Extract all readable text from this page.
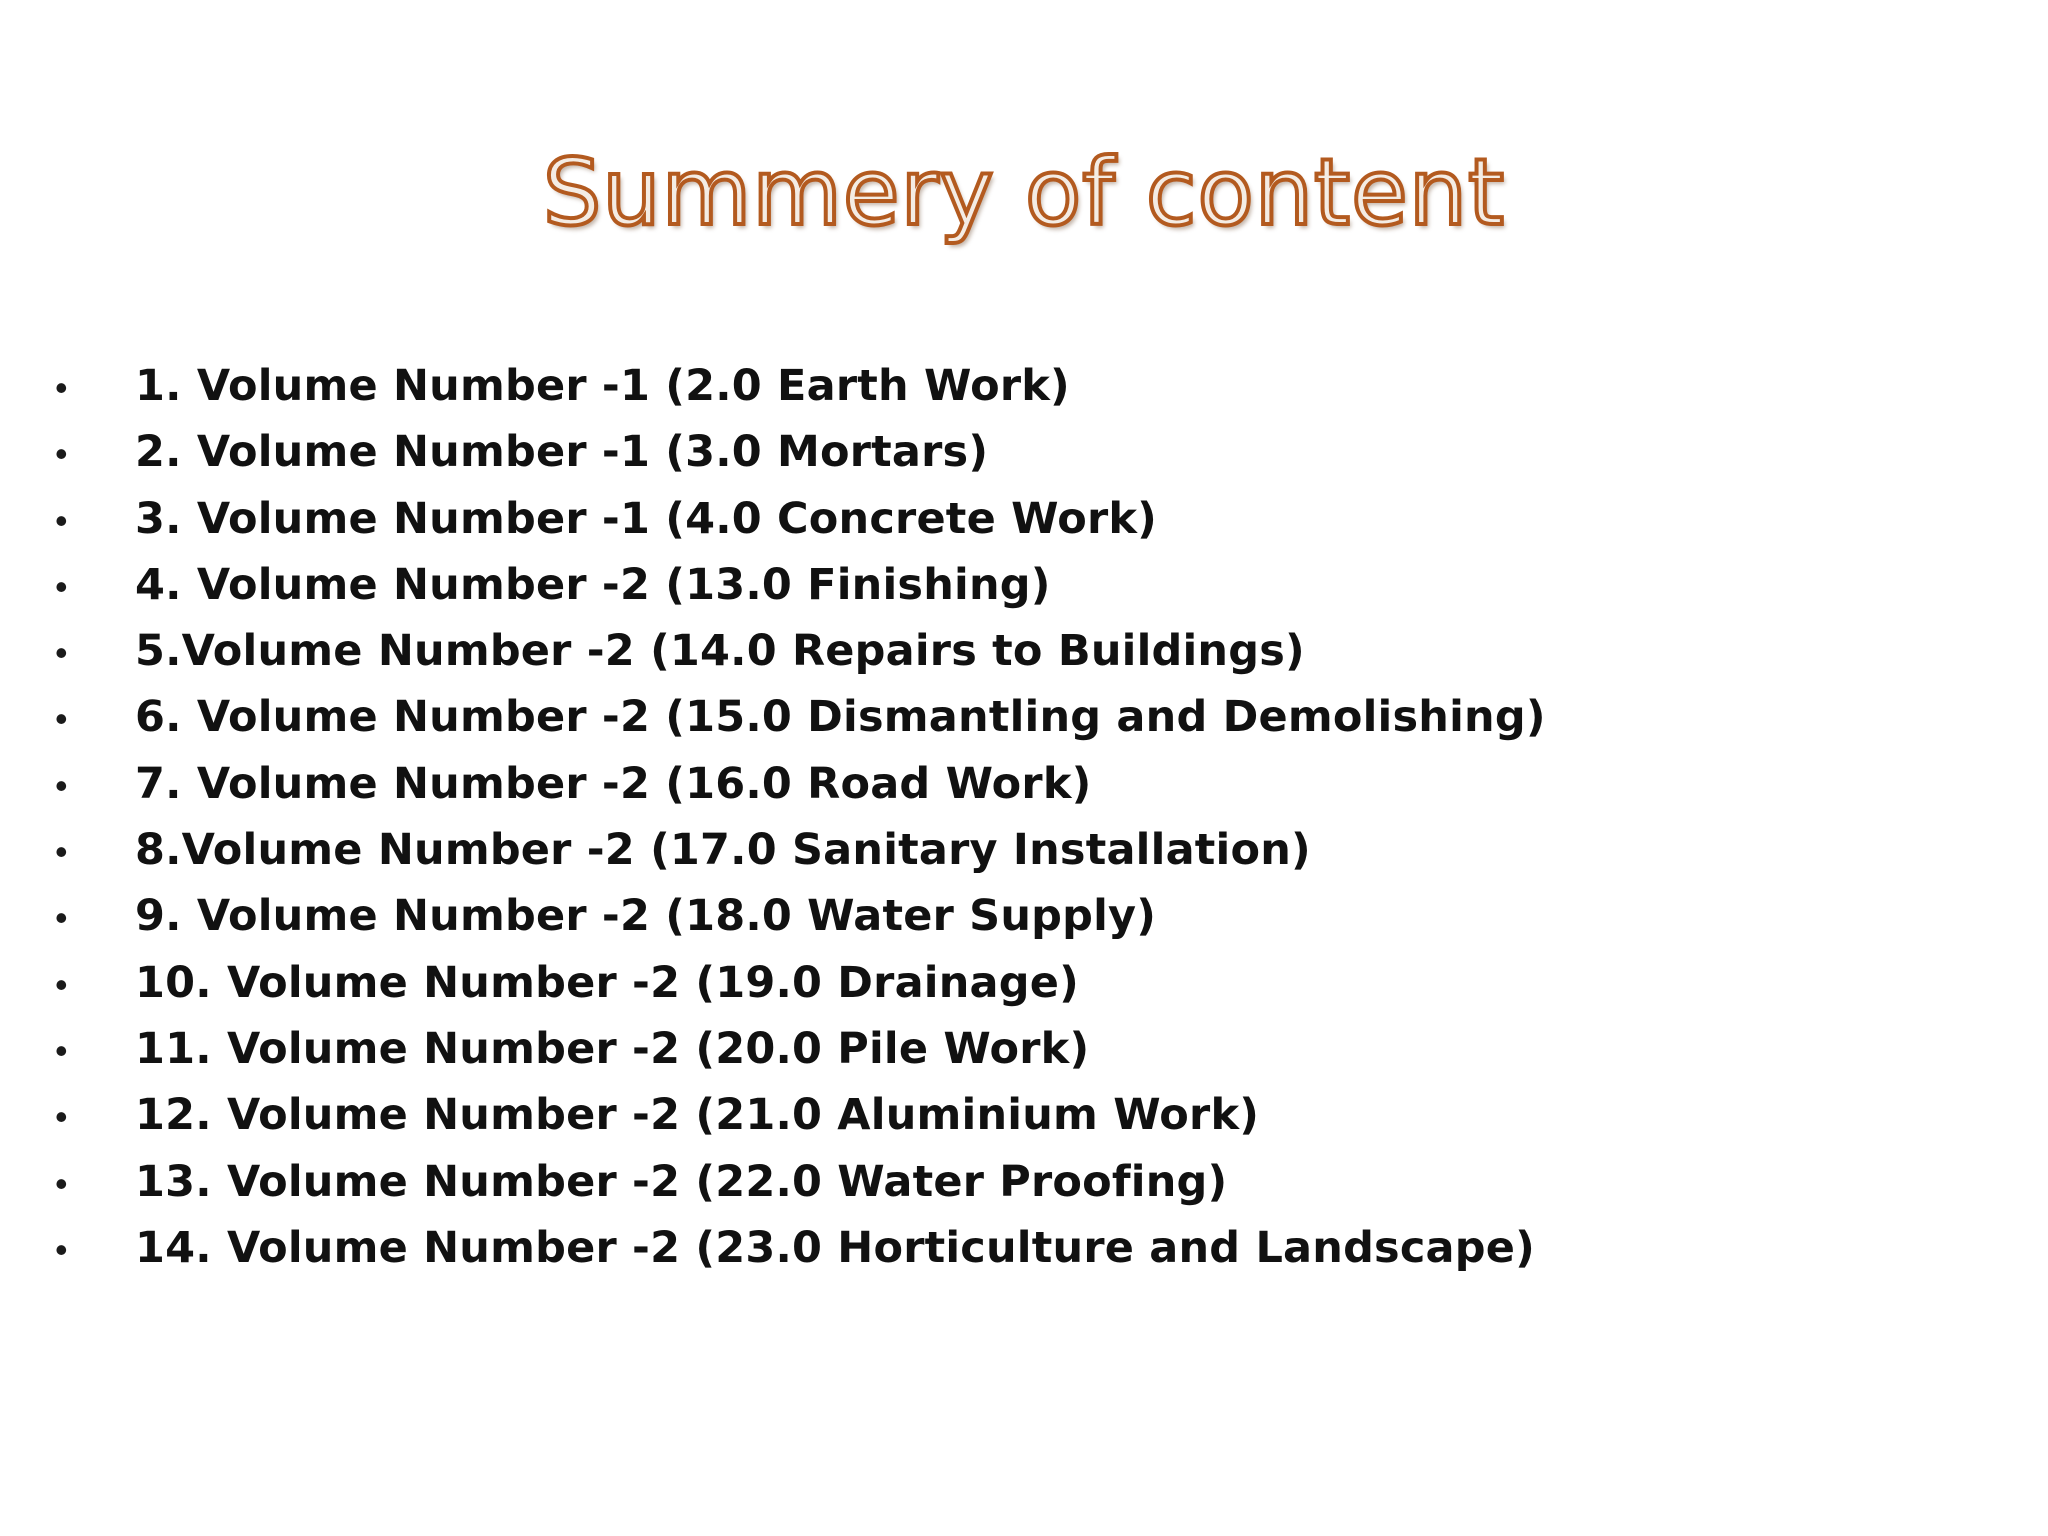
Summery of content
•	1. Volume Number -1 (2.0 Earth Work)
•	2. Volume Number -1 (3.0 Mortars)
•	3. Volume Number -1 (4.0 Concrete Work)
•	4. Volume Number -2 (13.0 Finishing)
•	5.Volume Number -2 (14.0 Repairs to Buildings)
•	6. Volume Number -2 (15.0 Dismantling and Demolishing)
•	7. Volume Number -2 (16.0 Road Work)
•	8.Volume Number -2 (17.0 Sanitary Installation)
•	9. Volume Number -2 (18.0 Water Supply)
•	10. Volume Number -2 (19.0 Drainage)
•	11. Volume Number -2 (20.0 Pile Work)
•	12. Volume Number -2 (21.0 Aluminium Work)
•	13. Volume Number -2 (22.0 Water Proofing)
•	14. Volume Number -2 (23.0 Horticulture and Landscape)
